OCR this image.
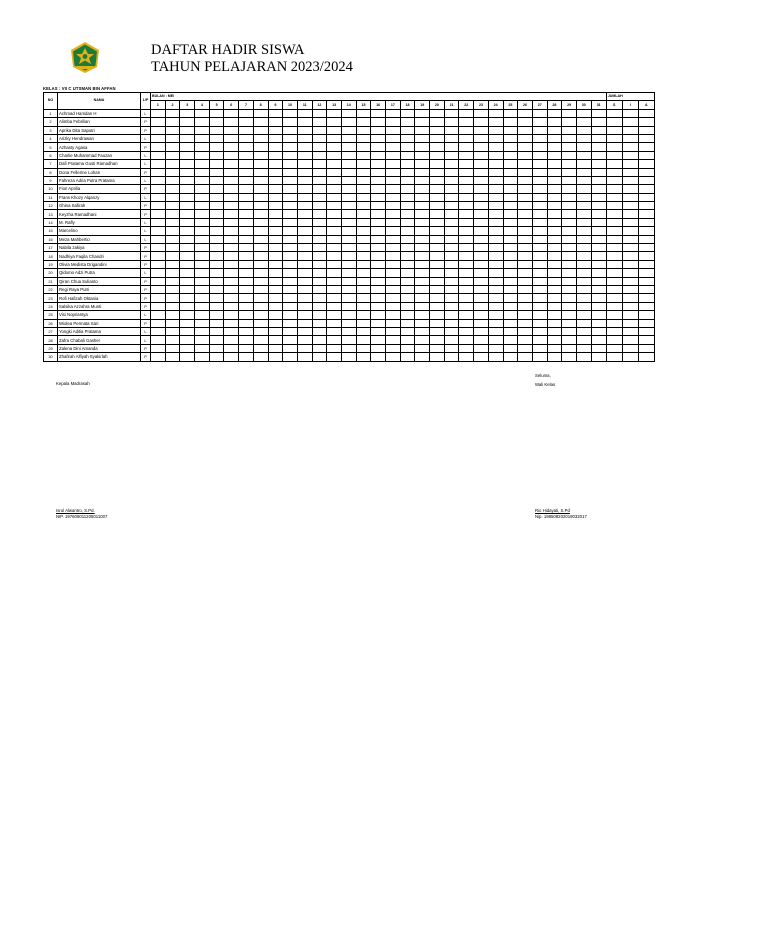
DAFTAR HADIR SISWA
TAHUN PELAJARAN 2023/2024
KELAS : VII C UTSMAN BIN AFFAN
NO	NAMA	L/P	BULAN : MEI																															JUMLAH		
			1	2	3	4	5	6	7	8	9	10	11	12	13	14	15	16	17	18	19	20	21	22	23	24	25	26	27	28	29	30	31	S	I	A
1	Achmad Hamdan H	L																																		
2	Alimba Febrilian	P																																		
3	Aprika Dita Saputri	P																																		
4	Arizky Hendrawan	L																																		
5	Azhasty Agasa	P																																		
6	Charlie Muhammad Fauzan	L																																		
7	Dafi Pratama Gusti Ramadhan	L																																		
8	Dona Fellerine Lohan	P																																		
9	Fahreza Adria Putra Pratama	L																																		
10	Fiori Aprilia	P																																		
11	Frans Khozy Alqanzy	L																																		
12	Ghina Safirah	P																																		
13	Keyzha Ramadhani	P																																		
14	M. Rafly	L																																		
15	Marcelino	L																																		
16	Meza Mahbertio	L																																		
17	Nabila zakiya	P																																		
18	Nadhiya Faqila Chandri	P																																		
19	Olivia Medista Drigandini	P																																		
20	Qidomo Adzi Putra	L																																		
21	Qiran Chua Sulianto	P																																		
22	Regi Raya Putri	P																																		
23	Rofi Hafizah Oktania	P																																		
24	Salsika Azzahra Munti	P																																		
25	Visi Nopriantya	L																																		
26	Wiolea Permata Sari	P																																		
27	Yongki Aditia Pratama	L																																		
28	Zafra Chabali Gasher	L																																		
29	Zalena Dini Amanda	P																																		
30	Zhafirah Alfiyah Syakirlah	P																																		
Kepala Madrasah
Isrul Alwantro, S.Pd.
NIP. 197608011205011007
Seluma,
Wali Kelas
Rio Hidayati, S.Pd
Nip. 198508202019032017
